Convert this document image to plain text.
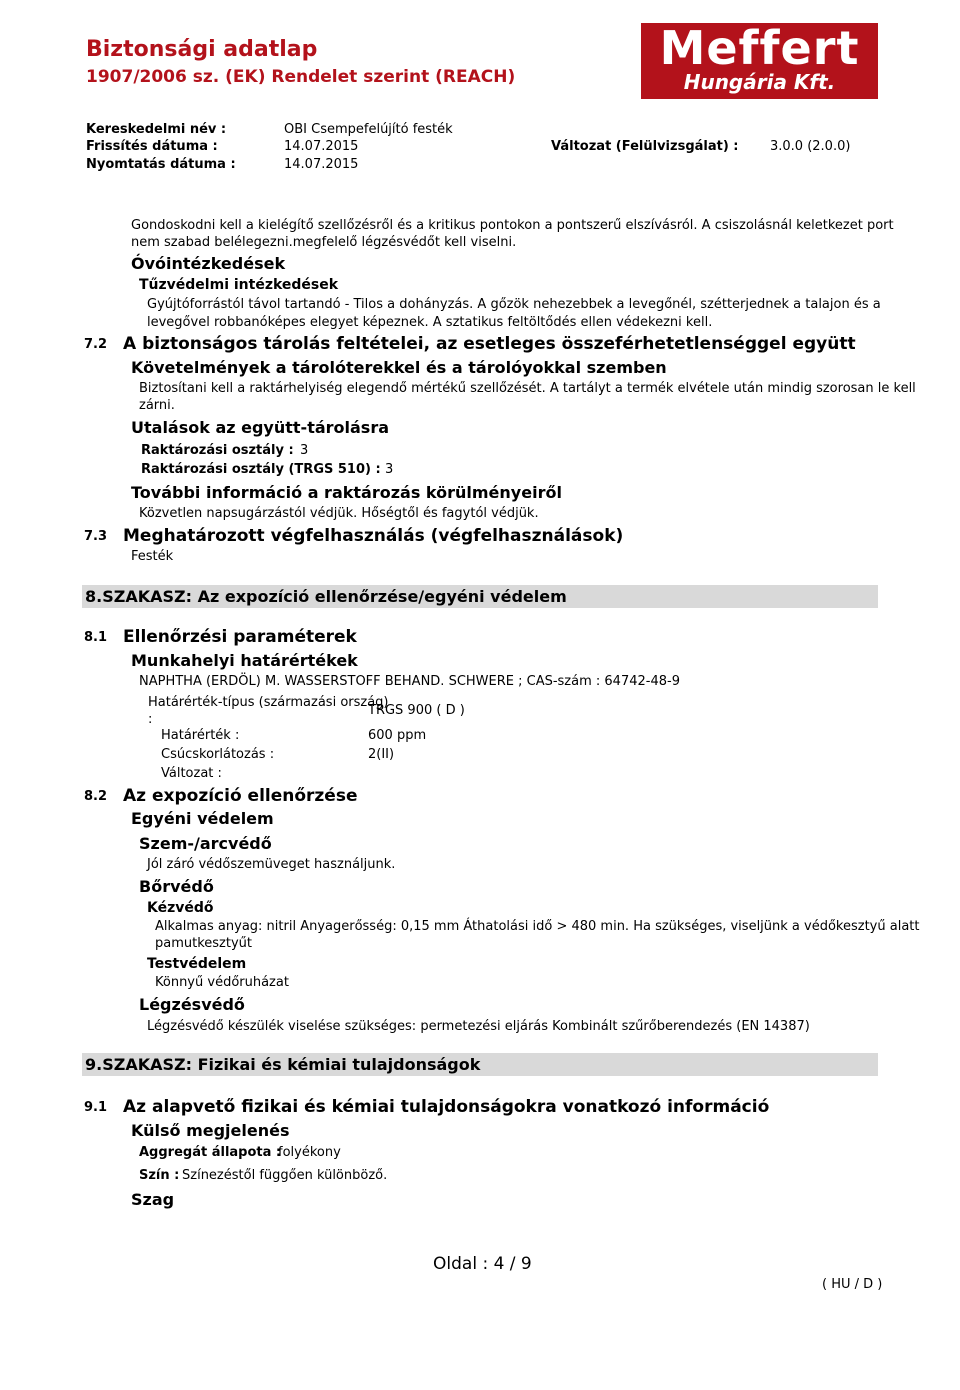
Biztonsági adatlap
1907/2006 sz. (EK) Rendelet szerint (REACH)
Meffert
Hungária Kft.
Kereskedelmi név :	OBI Csempefelújító festék
Frissítés dátuma :	14.07.2015	Változat (Felülvizsgálat) : 3.0.0 (2.0.0)
Nyomtatás dátuma :	14.07.2015
Gondoskodni kell a kielégítő szellőzésről és a kritikus pontokon a pontszerű elszívásról. A csiszolásnál keletkezet port
nem szabad belélegezni.megfelelő légzésvédőt kell viselni.
Óvóintézkedések
Tűzvédelmi intézkedések
Gyújtóforrástól távol tartandó - Tilos a dohányzás. A gőzök nehezebbek a levegőnél, szétterjednek a talajon és a
levegővel robbanóképes elegyet képeznek. A sztatikus feltöltődés ellen védekezni kell.
7.2 A biztonságos tárolás feltételei, az esetleges összeférhetetlenséggel együtt
Követelmények a tárolóterekkel és a tárolóyokkal szemben
Biztosítani kell a raktárhelyiség elegendő mértékű szellőzését. A tartályt a termék elvétele után mindig szorosan le kell
zárni.
Utalások az együtt-tárolásra
Raktározási osztály : 3
Raktározási osztály (TRGS 510) : 3
További információ a raktározás körülményeiről
Közvetlen napsugárzástól védjük. Hőségtől és fagytól védjük.
7.3 Meghatározott végfelhasználás (végfelhasználások)
Festék
8.SZAKASZ: Az expozíció ellenőrzése/egyéni védelem
8.1 Ellenőrzési paraméterek
Munkahelyi határértékek
NAPHTHA (ERDÖL) M. WASSERSTOFF BEHAND. SCHWERE ; CAS-szám : 64742-48-9
Határérték-típus (származási ország)
:
TRGS 900 ( D )
Határérték :	600 ppm
Csúcskorlátozás :	2(II)
Változat :
8.2 Az expozíció ellenőrzése
Egyéni védelem
Szem-/arcvédő
Jól záró védőszemüveget használjunk.
Bőrvédő
Kézvédő
Alkalmas anyag: nitril Anyagerősség: 0,15 mm Áthatolási idő > 480 min. Ha szükséges, viseljünk a védőkesztyű alatt
pamutkesztyűt
Testvédelem
Könnyű védőruházat
Légzésvédő
Légzésvédő készülék viselése szükséges: permetezési eljárás Kombinált szűrőberendezés (EN 14387)
9.SZAKASZ: Fizikai és kémiai tulajdonságok
9.1 Az alapvető fizikai és kémiai tulajdonságokra vonatkozó információ
Külső megjelenés
Aggregát állapota :
folyékony
Szín : Színezéstől függően különböző.
Szag
Oldal : 4 / 9
( HU / D )
